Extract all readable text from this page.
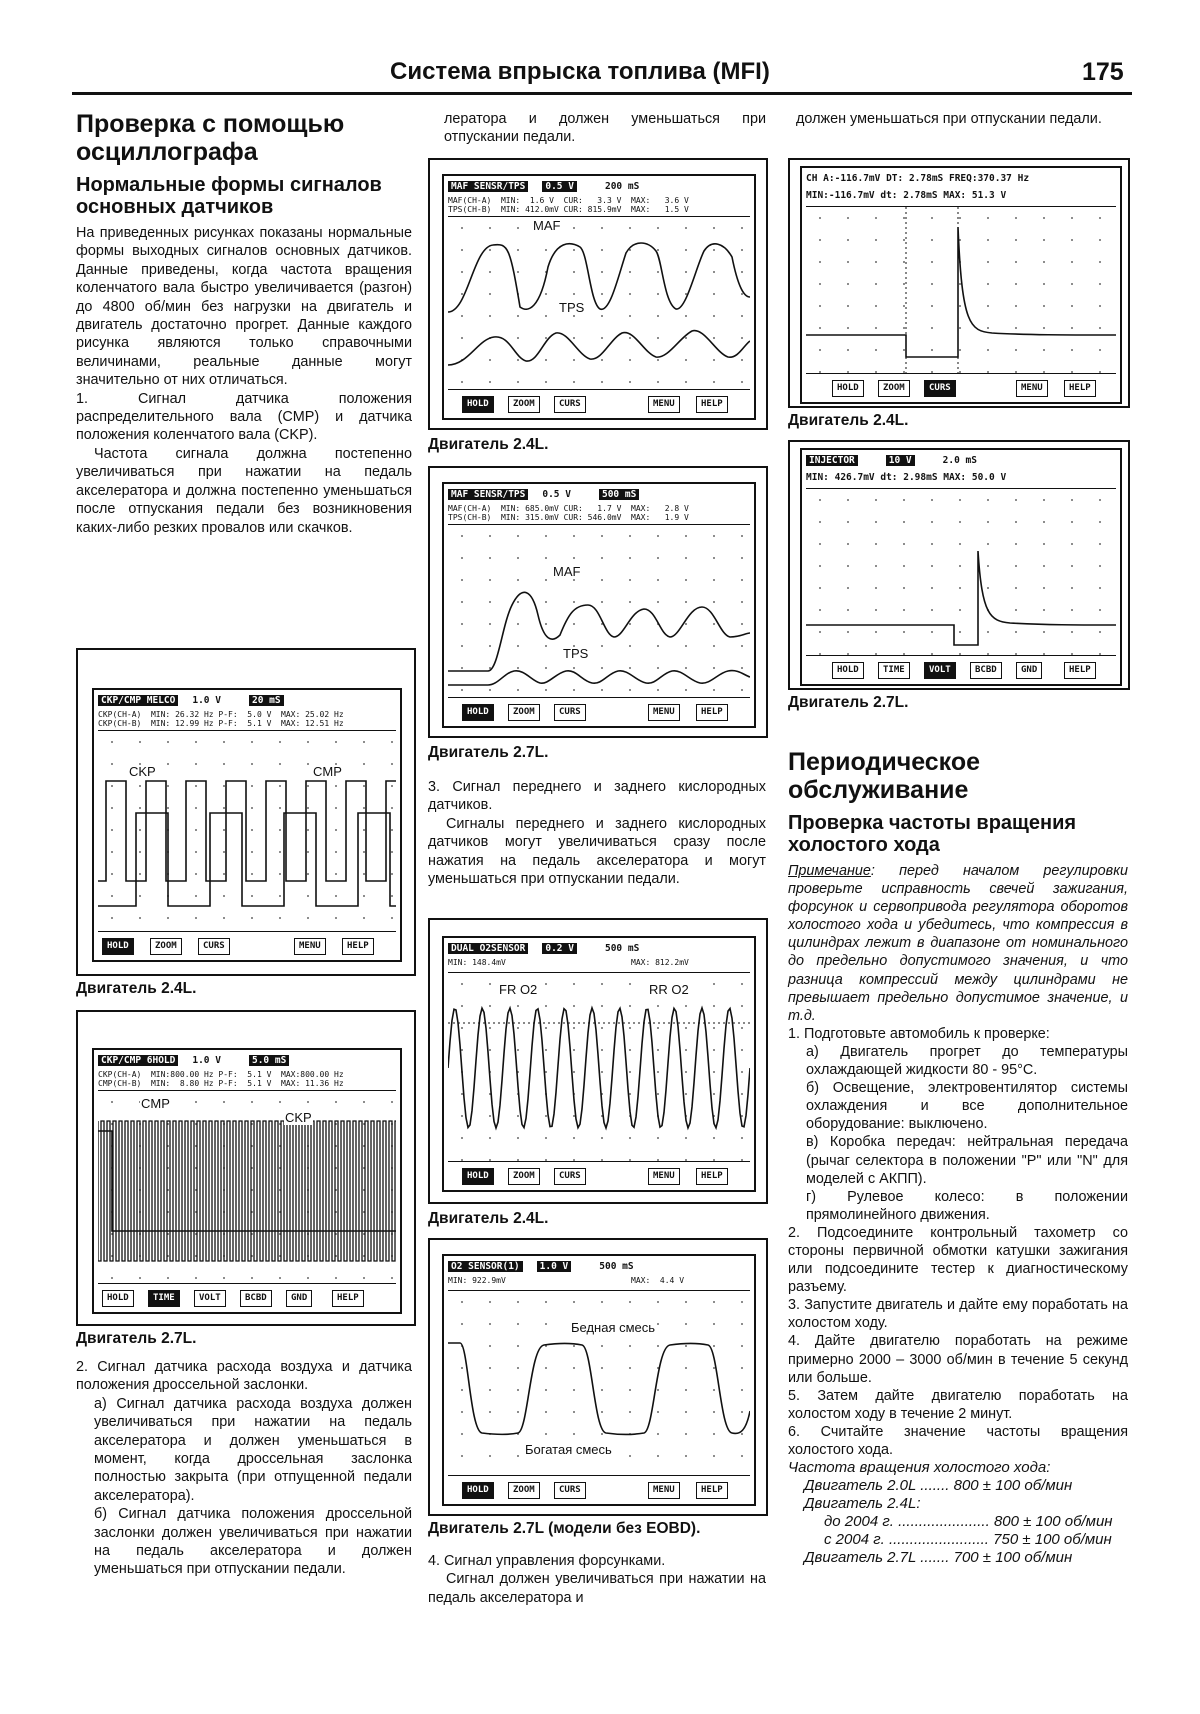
Система впрыска топлива (MFI)	175
Проверка с помощью осциллографа
Нормальные формы сигналов основных датчиков

На приведенных рисунках показаны нормальные формы выходных сигналов основных датчиков. Данные приведены, когда частота вращения коленчатого вала быстро увеличивается (разгон) до 4800 об/мин без нагрузки на двигатель и двигатель достаточно прогрет. Данные каждого рисунка являются только справочными величинами, реальные данные могут значительно от них отличаться.

1. Сигнал датчика положения распределительного вала (CMP) и датчика положения коленчатого вала (CKP).

Частота сигнала должна постепенно увеличиваться при нажатии на педаль акселератора и должна постепенно уменьшаться после отпускания педали без возникновения каких-либо резких провалов или скачков.

CKP/CMP MELCO 1.0 V	20 mS
CKP(CH-A)  MIN: 26.32 Hz P-F:  5.0 V  MAX: 25.02 Hz
CKP(CH-B)  MIN: 12.99 Hz P-F:  5.1 V  MAX: 12.51 Hz
CKP	CMP
HOLD	ZOOM	CURS	MENU	HELP
Двигатель 2.4L.
CKP/CMP 6HOLD 1.0 V	5.0 mS
CKP(CH-A)  MIN:800.00 Hz P-F:  5.1 V  MAX:800.00 Hz
CMP(CH-B)  MIN:  8.80 Hz P-F:  5.1 V  MAX: 11.36 Hz
CMP
CKP
HOLD	TIME	VOLT	BCBD	GND	HELP
Двигатель 2.7L.

2. Сигнал датчика расхода воздуха и датчика положения дроссельной заслонки.

а) Сигнал датчика расхода воздуха должен увеличиваться при нажатии на педаль акселератора и должен уменьшаться в момент, когда дроссельная заслонка полностью закрыта (при отпущенной педали акселератора).

б) Сигнал датчика положения дроссельной заслонки должен увеличиваться при нажатии на педаль акселератора и должен уменьшаться при отпускании педали.

лератора и должен уменьшаться при отпускании педали.

MAF SENSR/TPS 0.5 V	200 mS
MAF(CH-A)  MIN:  1.6 V  CUR:   3.3 V  MAX:   3.6 V
TPS(CH-B)  MIN: 412.0mV CUR: 815.9mV  MAX:   1.5 V
MAF
TPS
HOLD	ZOOM	CURS	MENU	HELP
Двигатель 2.4L.
MAF SENSR/TPS 0.5 V	500 mS
MAF(CH-A)  MIN: 685.0mV CUR:   1.7 V  MAX:   2.8 V
TPS(CH-B)  MIN: 315.0mV CUR: 546.0mV  MAX:   1.9 V
MAF
TPS
HOLD	ZOOM	CURS	MENU	HELP
Двигатель 2.7L.

3. Сигнал переднего и заднего кислородных датчиков.

Сигналы переднего и заднего кислородных датчиков могут увеличиваться сразу после нажатия на педаль акселератора и могут уменьшаться при отпускании педали.

DUAL O2SENSOR 0.2 V	500 mS
MIN: 148.4mV                          MAX: 812.2mV
FR O2	RR O2
HOLD	ZOOM	CURS	MENU	HELP
Двигатель 2.4L.
O2 SENSOR(1) 1.0 V	500 mS
MIN: 922.9mV                          MAX:  4.4 V
Бедная смесь
Богатая смесь
HOLD	ZOOM	CURS	MENU	HELP
Двигатель 2.7L (модели без EOBD).

4. Сигнал управления форсунками.

Сигнал должен увеличиваться при нажатии на педаль акселератора и

должен уменьшаться при отпускании педали.

CH A:-116.7mV DT: 2.78mS FREQ:370.37 Hz
MIN:-116.7mV dt: 2.78mS MAX: 51.3 V
HOLD	ZOOM	CURS	MENU	HELP
Двигатель 2.4L.
INJECTOR	10 V	2.0 mS
MIN: 426.7mV dt: 2.98mS MAX: 50.0 V
HOLD	TIME	VOLT	BCBD	GND	HELP
Двигатель 2.7L.
Периодическое обслуживание
Проверка частоты вращения холостого хода

Примечание: перед началом регулировки проверьте исправность свечей зажигания, форсунок и сервопривода регулятора оборотов холостого хода и убедитесь, что компрессия в цилиндрах лежит в диапазоне от номинального до предельно допустимого значения, и что разница компрессий между цилиндрами не превышает предельно допустимое значение, и т.д.

1. Подготовьте автомобиль к проверке:

а) Двигатель прогрет до температуры охлаждающей жидкости 80 - 95°С.

б) Освещение, электровентилятор системы охлаждения и все дополнительное оборудование: выключено.

в) Коробка передач: нейтральная передача (рычаг селектора в положении "P" или "N" для моделей с АКПП).

г) Рулевое колесо: в положении прямолинейного движения.

2. Подсоедините контрольный тахометр со стороны первичной обмотки катушки зажигания или подсоедините тестер к диагностическому разъему.

3. Запустите двигатель и дайте ему поработать на холостом ходу.

4. Дайте двигателю поработать на режиме примерно 2000 – 3000 об/мин в течение 5 секунд или больше.

5. Затем дайте двигателю поработать на холостом ходу в течение 2 минут.

6. Считайте значение частоты вращения холостого хода.

Частота вращения холостого хода:
Двигатель 2.0L ....... 800 ± 100 об/мин
Двигатель 2.4L:
до 2004 г. ...................... 800 ± 100 об/мин
с 2004 г. ........................ 750 ± 100 об/мин
Двигатель 2.7L ....... 700 ± 100 об/мин
